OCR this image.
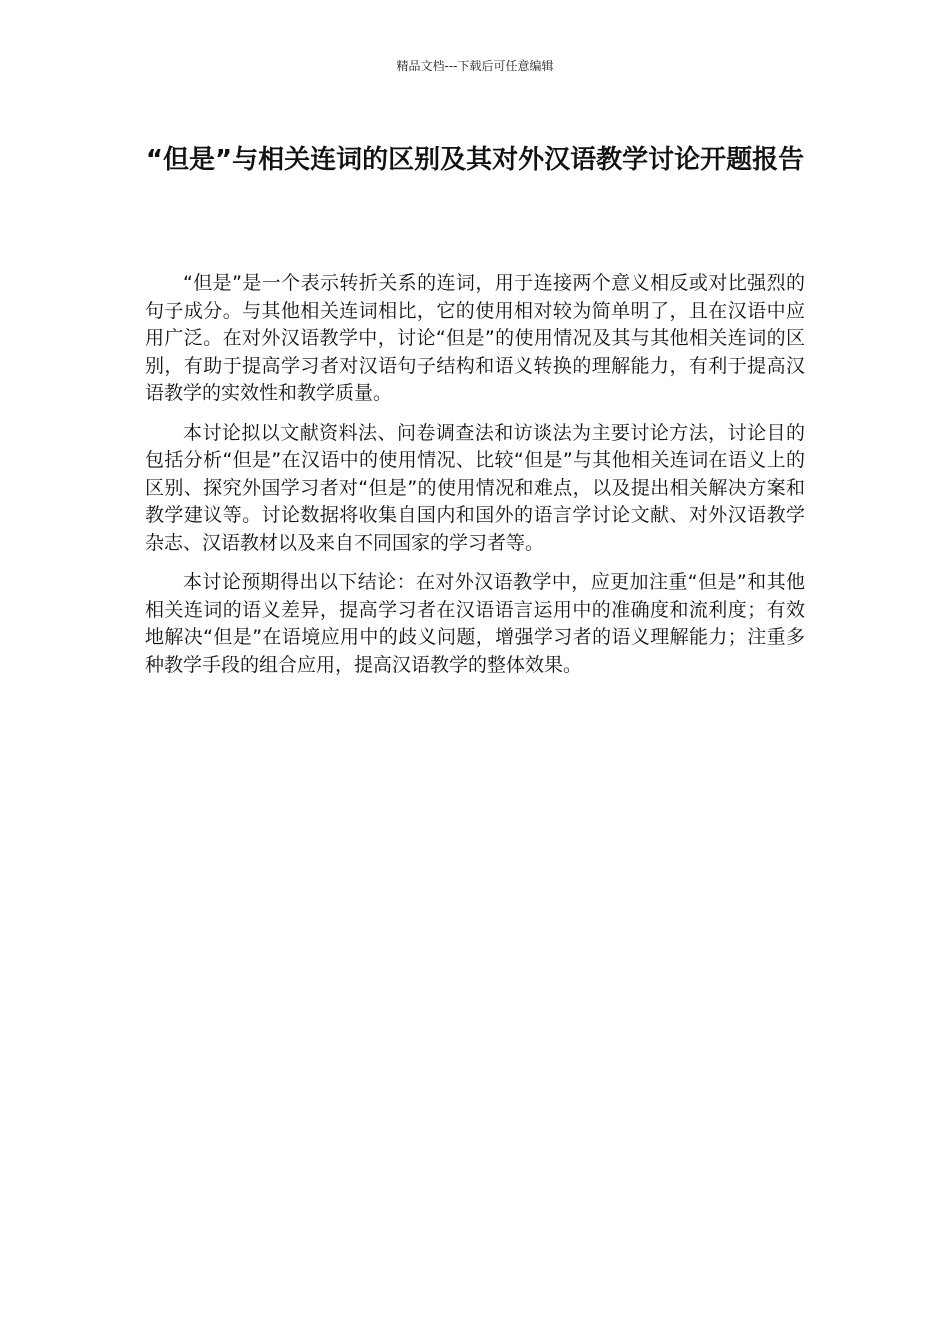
精品文档---下载后可任意编辑
“但是”与相关连词的区别及其对外汉语教学讨论开题报告

“但是”是一个表示转折关系的连词，用于连接两个意义相反或对比强烈的句子成分。与其他相关连词相比，它的使用相对较为简单明了，且在汉语中应用广泛。在对外汉语教学中，讨论“但是”的使用情况及其与其他相关连词的区别，有助于提高学习者对汉语句子结构和语义转换的理解能力，有利于提高汉语教学的实效性和教学质量。

本讨论拟以文献资料法、问卷调查法和访谈法为主要讨论方法，讨论目的包括分析“但是”在汉语中的使用情况、比较“但是”与其他相关连词在语义上的区别、探究外国学习者对“但是”的使用情况和难点，以及提出相关解决方案和教学建议等。讨论数据将收集自国内和国外的语言学讨论文献、对外汉语教学杂志、汉语教材以及来自不同国家的学习者等。

本讨论预期得出以下结论：在对外汉语教学中，应更加注重“但是”和其他相关连词的语义差异，提高学习者在汉语语言运用中的准确度和流利度；有效地解决“但是”在语境应用中的歧义问题，增强学习者的语义理解能力；注重多种教学手段的组合应用，提高汉语教学的整体效果。
